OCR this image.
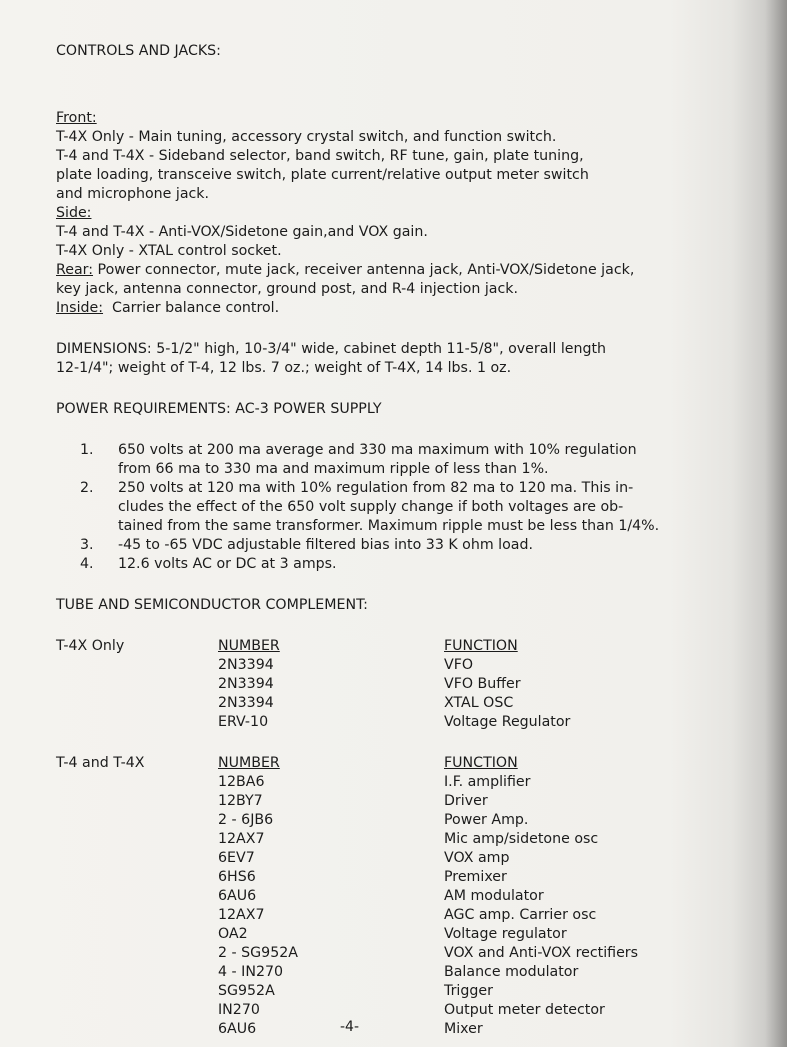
CONTROLS AND JACKS:

Front:

T-4X Only - Main tuning, accessory crystal switch, and function switch.

T-4 and T-4X - Sideband selector, band switch, RF tune, gain, plate tuning,

plate loading, transceive switch, plate current/relative output meter switch

and microphone jack.

Side:

T-4 and T-4X - Anti-VOX/Sidetone gain,and VOX gain.

T-4X Only - XTAL control socket.

Rear: Power connector, mute jack, receiver antenna jack, Anti-VOX/Sidetone jack,

key jack, antenna connector, ground post, and R-4 injection jack.

Inside:  Carrier balance control.

DIMENSIONS: 5-1/2" high, 10-3/4" wide, cabinet depth 11-5/8", overall length

12-1/4"; weight of T-4, 12 lbs. 7 oz.; weight of T-4X, 14 lbs. 1 oz.

POWER REQUIREMENTS: AC-3 POWER SUPPLY

1. 650 volts at 200 ma average and 330 ma maximum with 10% regulation
from 66 ma to 330 ma and maximum ripple of less than 1%.
2. 250 volts at 120 ma with 10% regulation from 82 ma to 120 ma. This in-
cludes the effect of the 650 volt supply change if both voltages are ob-
tained from the same transformer. Maximum ripple must be less than 1/4%.
3. -45 to -65 VDC adjustable filtered bias into 33 K ohm load.
4. 12.6 volts AC or DC at 3 amps.

TUBE AND SEMICONDUCTOR COMPLEMENT:

T-4X Only	NUMBER	FUNCTION
2N3394	VFO
2N3394	VFO Buffer
2N3394	XTAL OSC
ERV-10	Voltage Regulator
T-4 and T-4X	NUMBER	FUNCTION
12BA6	I.F. amplifier
12BY7	Driver
2 - 6JB6	Power Amp.
12AX7	Mic amp/sidetone osc
6EV7	VOX amp
6HS6	Premixer
6AU6	AM modulator
12AX7	AGC amp. Carrier osc
OA2	Voltage regulator
2 - SG952A	VOX and Anti-VOX rectifiers
4 - IN270	Balance modulator
SG952A	Trigger
IN270	Output meter detector
6AU6	Mixer
-4-
